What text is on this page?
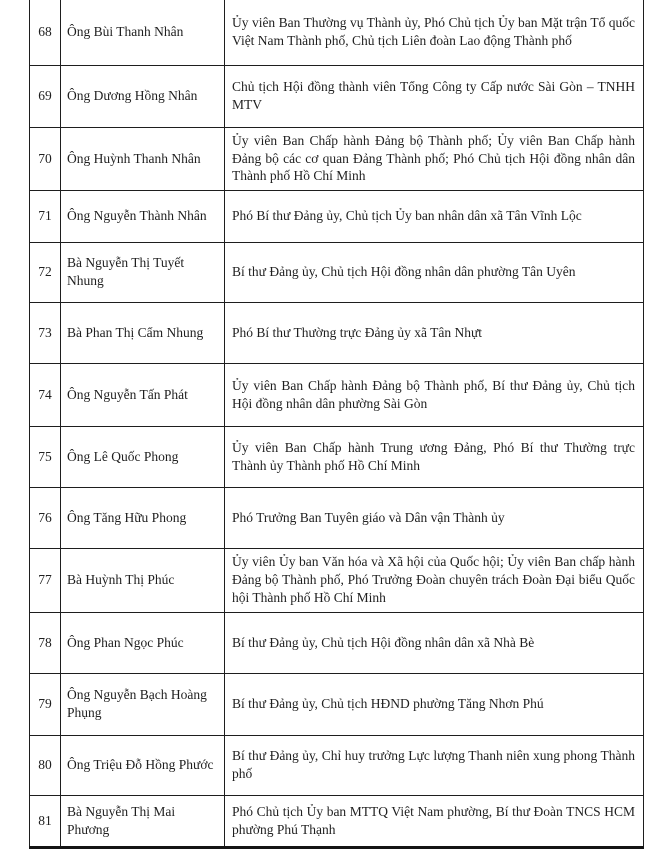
68	Ông Bùi Thanh Nhân	Ủy viên Ban Thường vụ Thành ủy, Phó Chủ tịch Ủy ban Mặt trận Tổ quốc Việt Nam Thành phố, Chủ tịch Liên đoàn Lao động Thành phố
69	Ông Dương Hồng Nhân	Chủ tịch Hội đồng thành viên Tổng Công ty Cấp nước Sài Gòn – TNHH MTV
70	Ông Huỳnh Thanh Nhân	Ủy viên Ban Chấp hành Đảng bộ Thành phố; Ủy viên Ban Chấp hành Đảng bộ các cơ quan Đảng Thành phố; Phó Chủ tịch Hội đồng nhân dân Thành phố Hồ Chí Minh
71	Ông Nguyễn Thành Nhân	Phó Bí thư Đảng ủy, Chủ tịch Ủy ban nhân dân xã Tân Vĩnh Lộc
72	Bà Nguyễn Thị Tuyết Nhung	Bí thư Đảng ủy, Chủ tịch Hội đồng nhân dân phường Tân Uyên
73	Bà Phan Thị Cẩm Nhung	Phó Bí thư Thường trực Đảng ủy xã Tân Nhựt
74	Ông Nguyễn Tấn Phát	Ủy viên Ban Chấp hành Đảng bộ Thành phố, Bí thư Đảng ủy, Chủ tịch Hội đồng nhân dân phường Sài Gòn
75	Ông Lê Quốc Phong	Ủy viên Ban Chấp hành Trung ương Đảng, Phó Bí thư Thường trực Thành ủy Thành phố Hồ Chí Minh
76	Ông Tăng Hữu Phong	Phó Trưởng Ban Tuyên giáo và Dân vận Thành ủy
77	Bà Huỳnh Thị Phúc	Ủy viên Ủy ban Văn hóa và Xã hội của Quốc hội; Ủy viên Ban chấp hành Đảng bộ Thành phố, Phó Trưởng Đoàn chuyên trách Đoàn Đại biểu Quốc hội Thành phố Hồ Chí Minh
78	Ông Phan Ngọc Phúc	Bí thư Đảng ủy, Chủ tịch Hội đồng nhân dân xã Nhà Bè
79	Ông Nguyễn Bạch Hoàng Phụng	Bí thư Đảng ủy, Chủ tịch HĐND phường Tăng Nhơn Phú
80	Ông Triệu Đỗ Hồng Phước	Bí thư Đảng ủy, Chỉ huy trưởng Lực lượng Thanh niên xung phong Thành phố
81	Bà Nguyễn Thị Mai Phương	Phó Chủ tịch Ủy ban MTTQ Việt Nam phường, Bí thư Đoàn TNCS HCM phường Phú Thạnh
